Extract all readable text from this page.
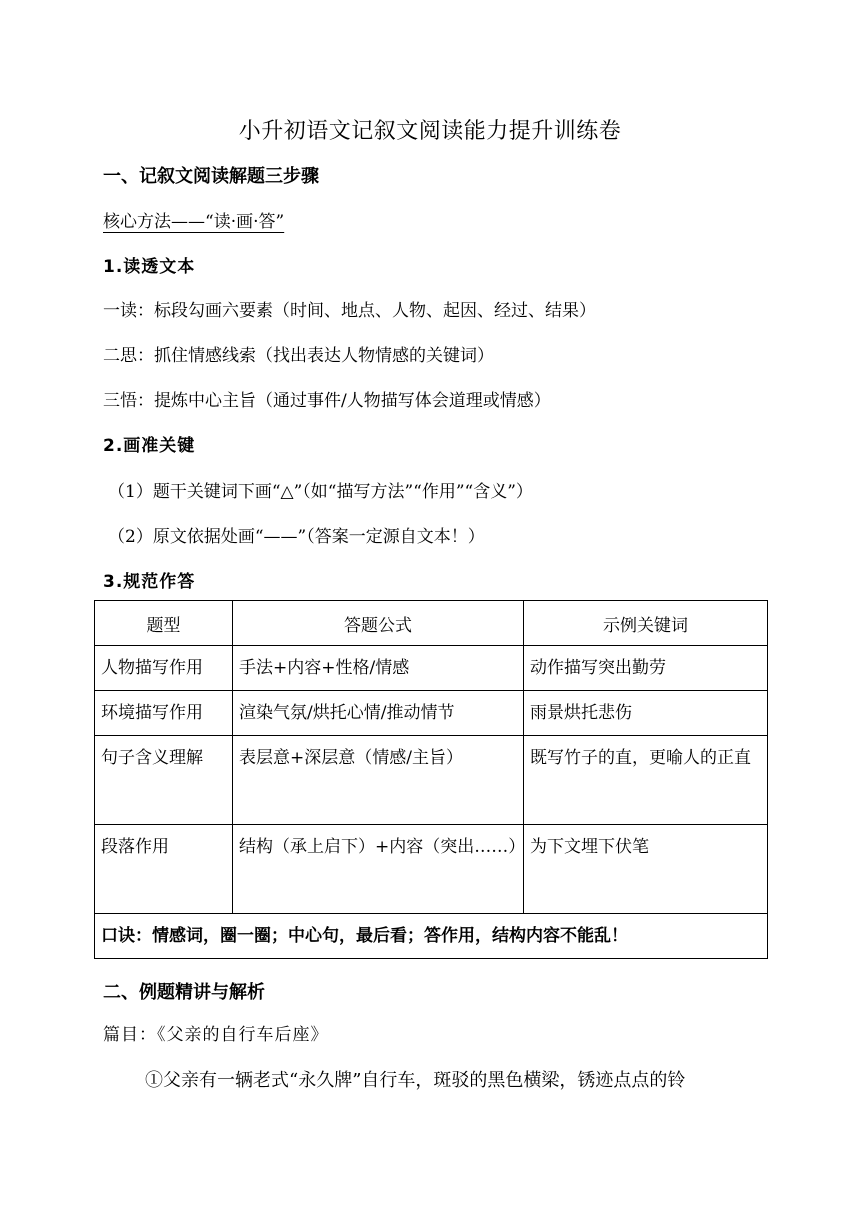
小升初语文记叙文阅读能力提升训练卷
一、记叙文阅读解题三步骤
核心方法——“读·画·答”
1.读透文本
一读：标段勾画六要素（时间、地点、人物、起因、经过、结果）
二思：抓住情感线索（找出表达人物情感的关键词）
三悟：提炼中心主旨（通过事件/人物描写体会道理或情感）
2.画准关键
（1）题干关键词下画“△”（如“描写方法”“作用”“含义”）
（2）原文依据处画“——”（答案一定源自文本！）
3.规范作答
题型	答题公式	示例关键词
人物描写作用	手法+内容+性格/情感	动作描写突出勤劳
环境描写作用	渲染气氛/烘托心情/推动情节	雨景烘托悲伤
句子含义理解	表层意+深层意（情感/主旨）	既写竹子的直，更喻人的正直
段落作用	结构（承上启下）+内容（突出……）	为下文埋下伏笔
口诀：情感词，圈一圈；中心句，最后看；答作用，结构内容不能乱！		
二、例题精讲与解析
篇目：《父亲的自行车后座》
①父亲有一辆老式“永久牌”自行车，斑驳的黑色横梁，锈迹点点的铃
